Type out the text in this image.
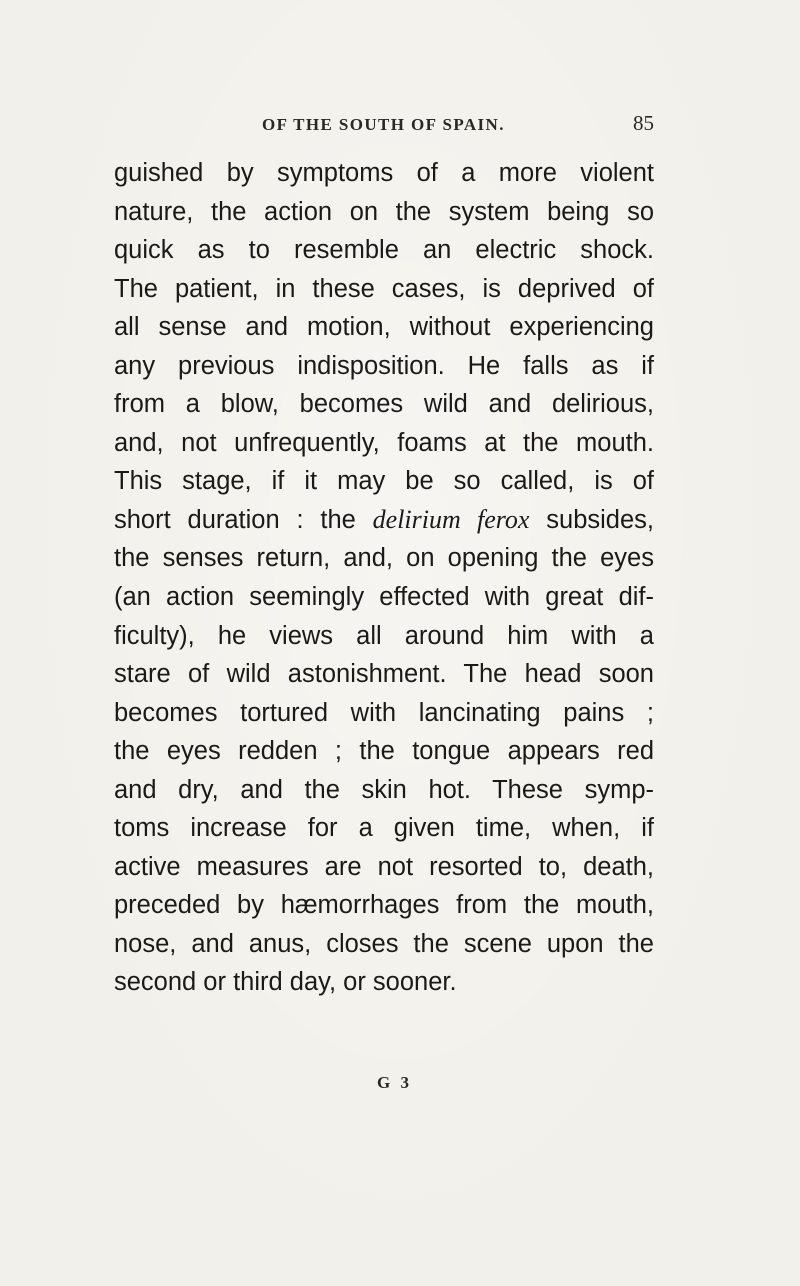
OF THE SOUTH OF SPAIN.	85
guished by symptoms of a more violent
nature, the action on the system being so
quick as to resemble an electric shock.
The patient, in these cases, is deprived of
all sense and motion, without experiencing
any previous indisposition. He falls as if
from a blow, becomes wild and delirious,
and, not unfrequently, foams at the mouth.
This stage, if it may be so called, is of
short duration : the delirium ferox subsides,
the senses return, and, on opening the eyes
(an action seemingly effected with great dif-
ficulty), he views all around him with a
stare of wild astonishment. The head soon
becomes tortured with lancinating pains ;
the eyes redden ; the tongue appears red
and dry, and the skin hot. These symp-
toms increase for a given time, when, if
active measures are not resorted to, death,
preceded by hæmorrhages from the mouth,
nose, and anus, closes the scene upon the
second or third day, or sooner.
G 3
